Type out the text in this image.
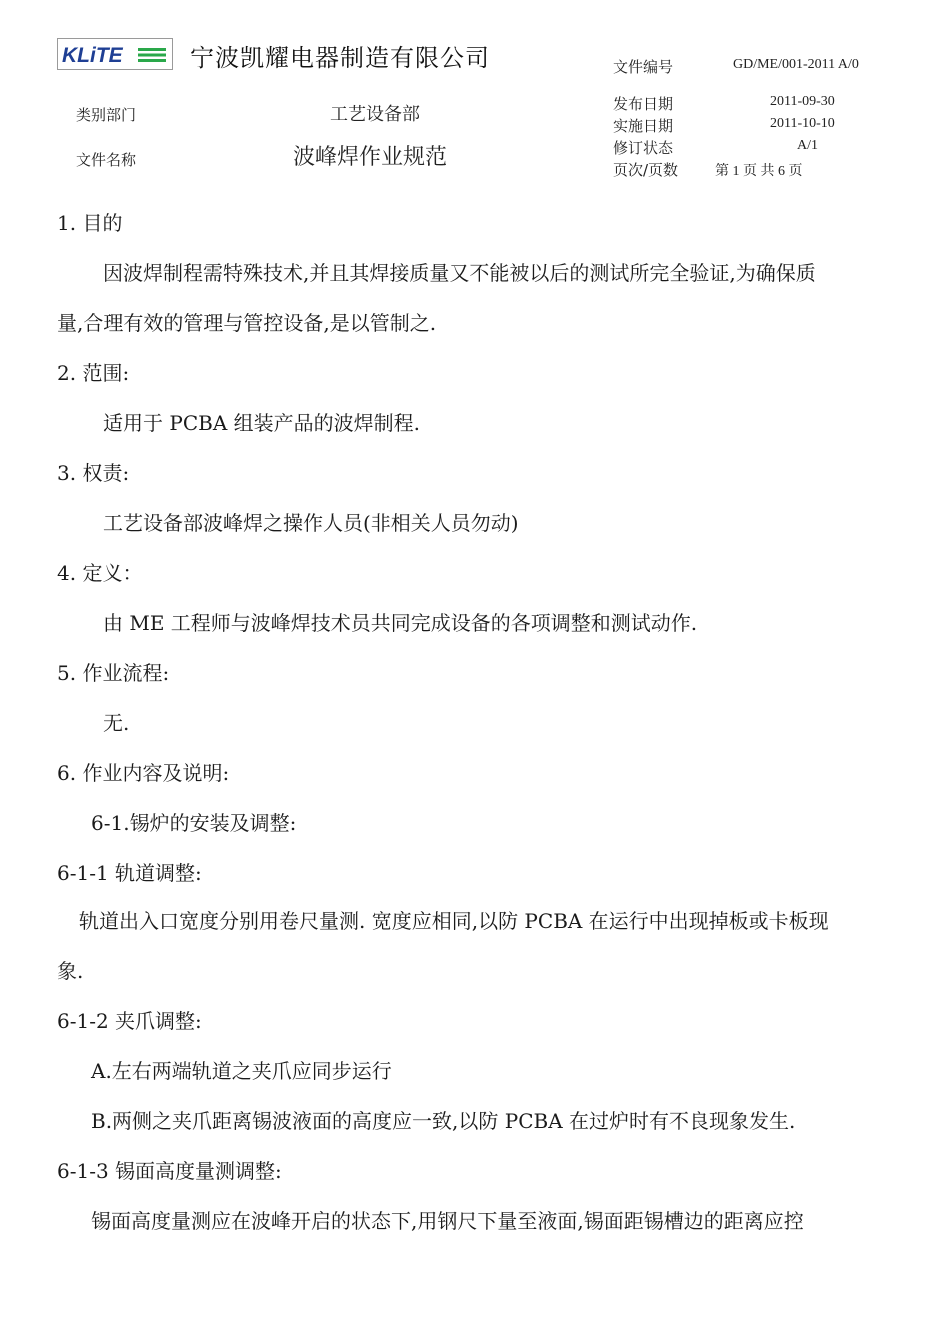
KLiTE	宁波凯耀电器制造有限公司	文件编号	GD/ME/001-2011 A/0
类别部门	工艺设备部	发布日期	2011-09-30
实施日期	2011-10-10
修订状态	A/1
页次/页数	第 1 页 共 6 页
文件名称	波峰焊作业规范
1. 目的
因波焊制程需特殊技术,并且其焊接质量又不能被以后的测试所完全验证,为确保质
量,合理有效的管理与管控设备,是以管制之.
2. 范围:
适用于 PCBA 组装产品的波焊制程.
3. 权责:
工艺设备部波峰焊之操作人员(非相关人员勿动)
4. 定义：
由 ME 工程师与波峰焊技术员共同完成设备的各项调整和测试动作.
5. 作业流程:
无.
6. 作业内容及说明:
6-1.锡炉的安装及调整:
6-1-1 轨道调整:
轨道出入口宽度分别用卷尺量测. 宽度应相同,以防 PCBA 在运行中出现掉板或卡板现
象.
6-1-2 夹爪调整:
A.左右两端轨道之夹爪应同步运行
B.两侧之夹爪距离锡波液面的高度应一致,以防 PCBA 在过炉时有不良现象发生.
6-1-3 锡面高度量测调整:
锡面高度量测应在波峰开启的状态下,用钢尺下量至液面,锡面距锡槽边的距离应控
